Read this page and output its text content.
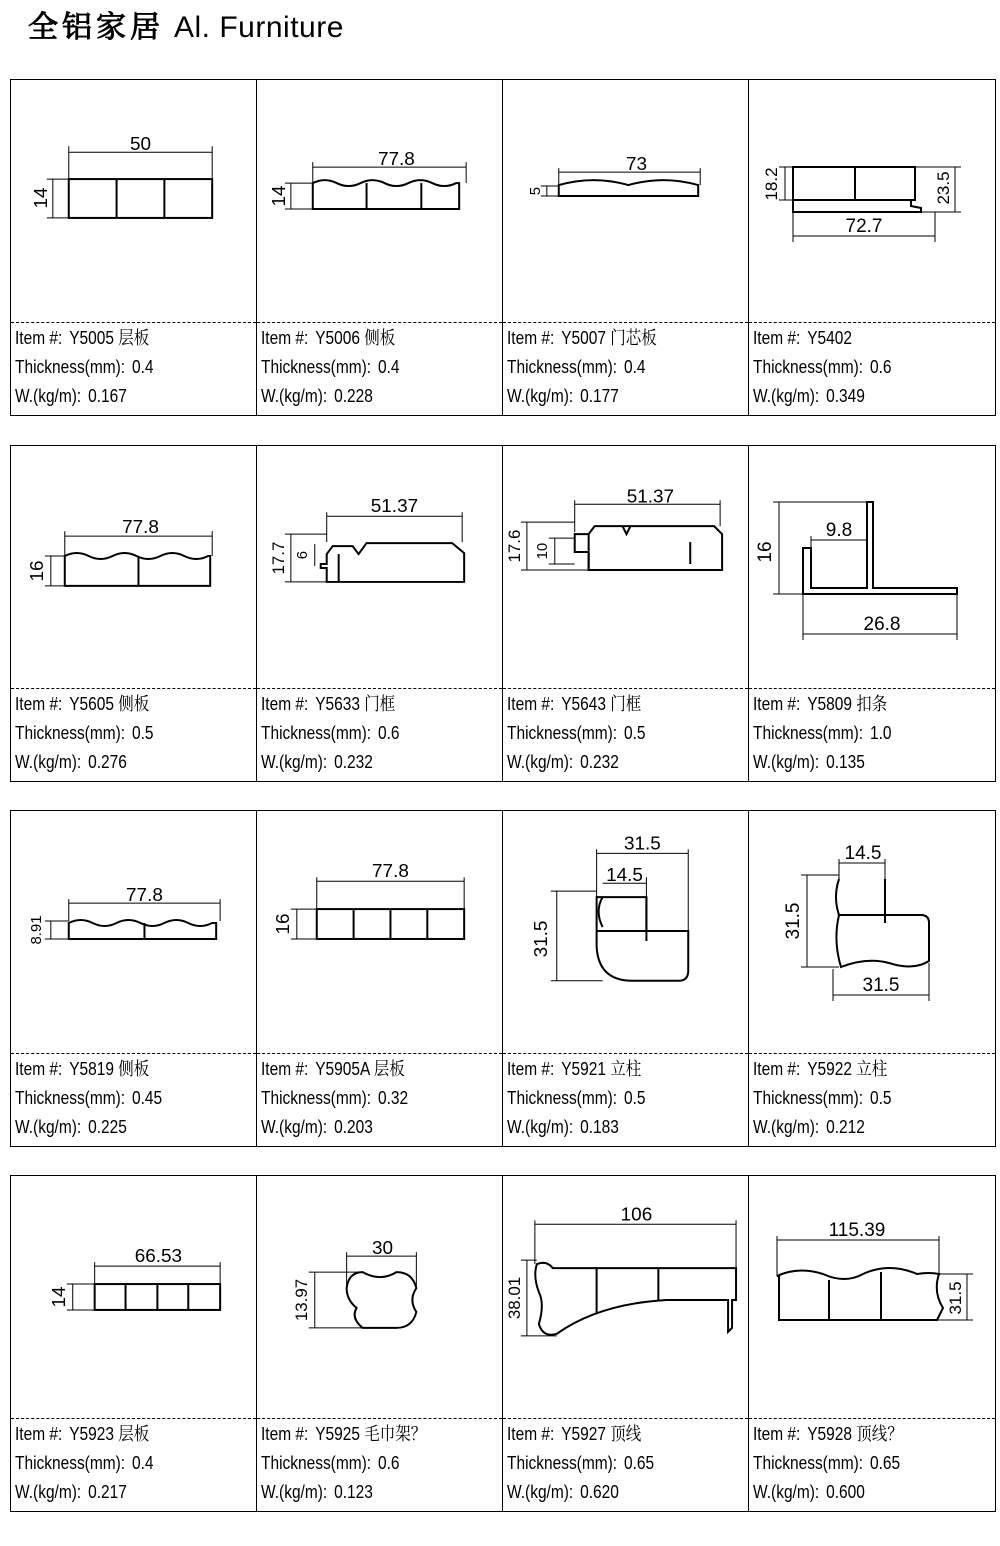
全铝家居 Al. Furniture
50
14
Item #: Y5005 层板
Thickness(mm): 0.4
W.(kg/m): 0.167
77.8
14
Item #: Y5006 侧板
Thickness(mm): 0.4
W.(kg/m): 0.228
73
5
Item #: Y5007 门芯板
Thickness(mm): 0.4
W.(kg/m): 0.177
18.2	23.5
72.7
Item #: Y5402
Thickness(mm): 0.6
W.(kg/m): 0.349
77.8
16
Item #: Y5605 侧板
Thickness(mm): 0.5
W.(kg/m): 0.276
51.37
17.7 6
Item #: Y5633 门框
Thickness(mm): 0.6
W.(kg/m): 0.232
51.37
17.6 10
Item #: Y5643 门框
Thickness(mm): 0.5
W.(kg/m): 0.232
9.8
16
26.8
Item #: Y5809 扣条
Thickness(mm): 1.0
W.(kg/m): 0.135
77.8
8.91
Item #: Y5819 侧板
Thickness(mm): 0.45
W.(kg/m): 0.225
77.8
16
Item #: Y5905A 层板
Thickness(mm): 0.32
W.(kg/m): 0.203
31.5
14.5
31.5
Item #: Y5921 立柱
Thickness(mm): 0.5
W.(kg/m): 0.183
14.5
31.5
31.5
Item #: Y5922 立柱
Thickness(mm): 0.5
W.(kg/m): 0.212
66.53
14
Item #: Y5923 层板
Thickness(mm): 0.4
W.(kg/m): 0.217
30
13.97
Item #: Y5925 毛巾架？
Thickness(mm): 0.6
W.(kg/m): 0.123
106
38.01
Item #: Y5927 顶线
Thickness(mm): 0.65
W.(kg/m): 0.620
115.39
31.5
Item #: Y5928 顶线？
Thickness(mm): 0.65
W.(kg/m): 0.600
